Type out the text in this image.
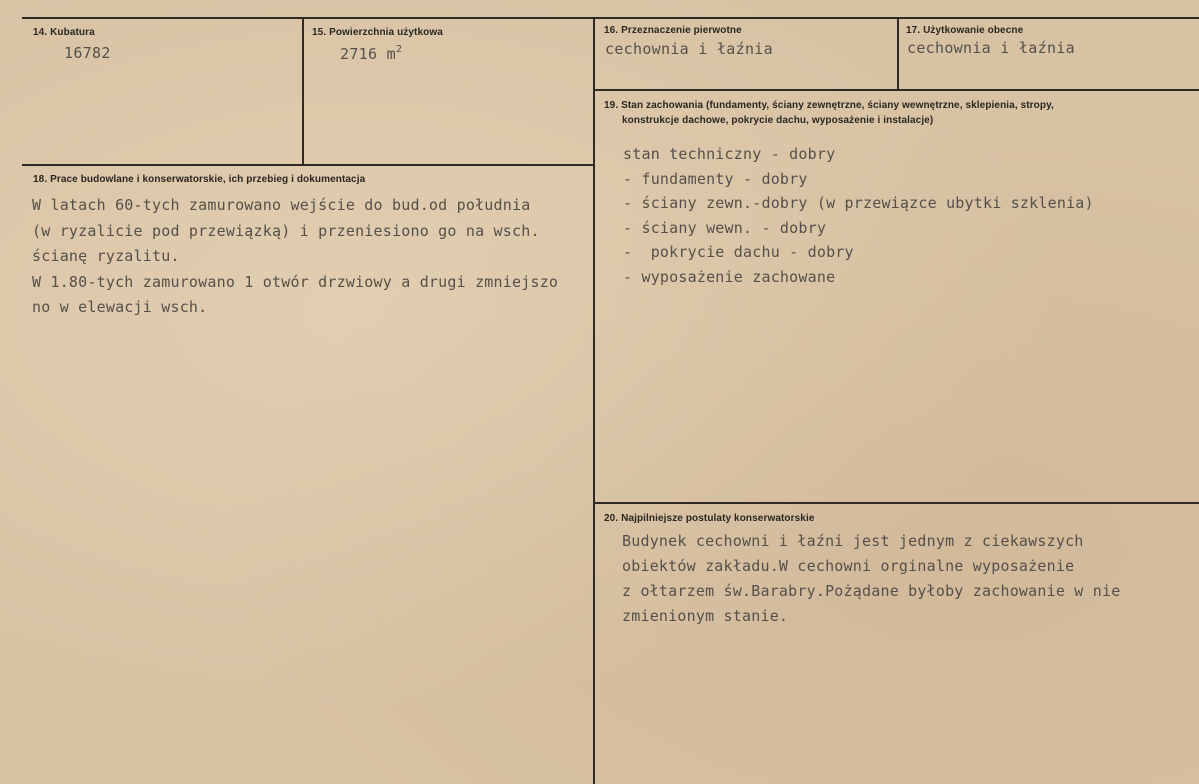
14. Kubatura
16782
15. Powierzchnia użytkowa
2716 $m^2$
16. Przeznaczenie pierwotne
cechownia i łaźnia
17. Użytkowanie obecne
cechownia i łaźnia
19. Stan zachowania (fundamenty, ściany zewnętrzne, ściany wewnętrzne, sklepienia, stropy,
konstrukcje dachowe, pokrycie dachu, wyposażenie i instalacje)
stan techniczny - dobry
- fundamenty - dobry
- ściany zewn.-dobry (w przewiązce ubytki szklenia)
- ściany wewn. - dobry
-  pokrycie dachu - dobry
- wyposażenie zachowane
18. Prace budowlane i konserwatorskie, ich przebieg i dokumentacja
W latach 60-tych zamurowano wejście do bud.od południa
(w ryzalicie pod przewiązką) i przeniesiono go na wsch.
ścianę ryzalitu.
W 1.80-tych zamurowano 1 otwór drzwiowy a drugi zmniejszo
no w elewacji wsch.
20. Najpilniejsze postulaty konserwatorskie
Budynek cechowni i łaźni jest jednym z ciekawszych
obiektów zakładu.W cechowni orginalne wyposażenie
z ołtarzem św.Barabry.Pożądane byłoby zachowanie w nie
zmienionym stanie.
